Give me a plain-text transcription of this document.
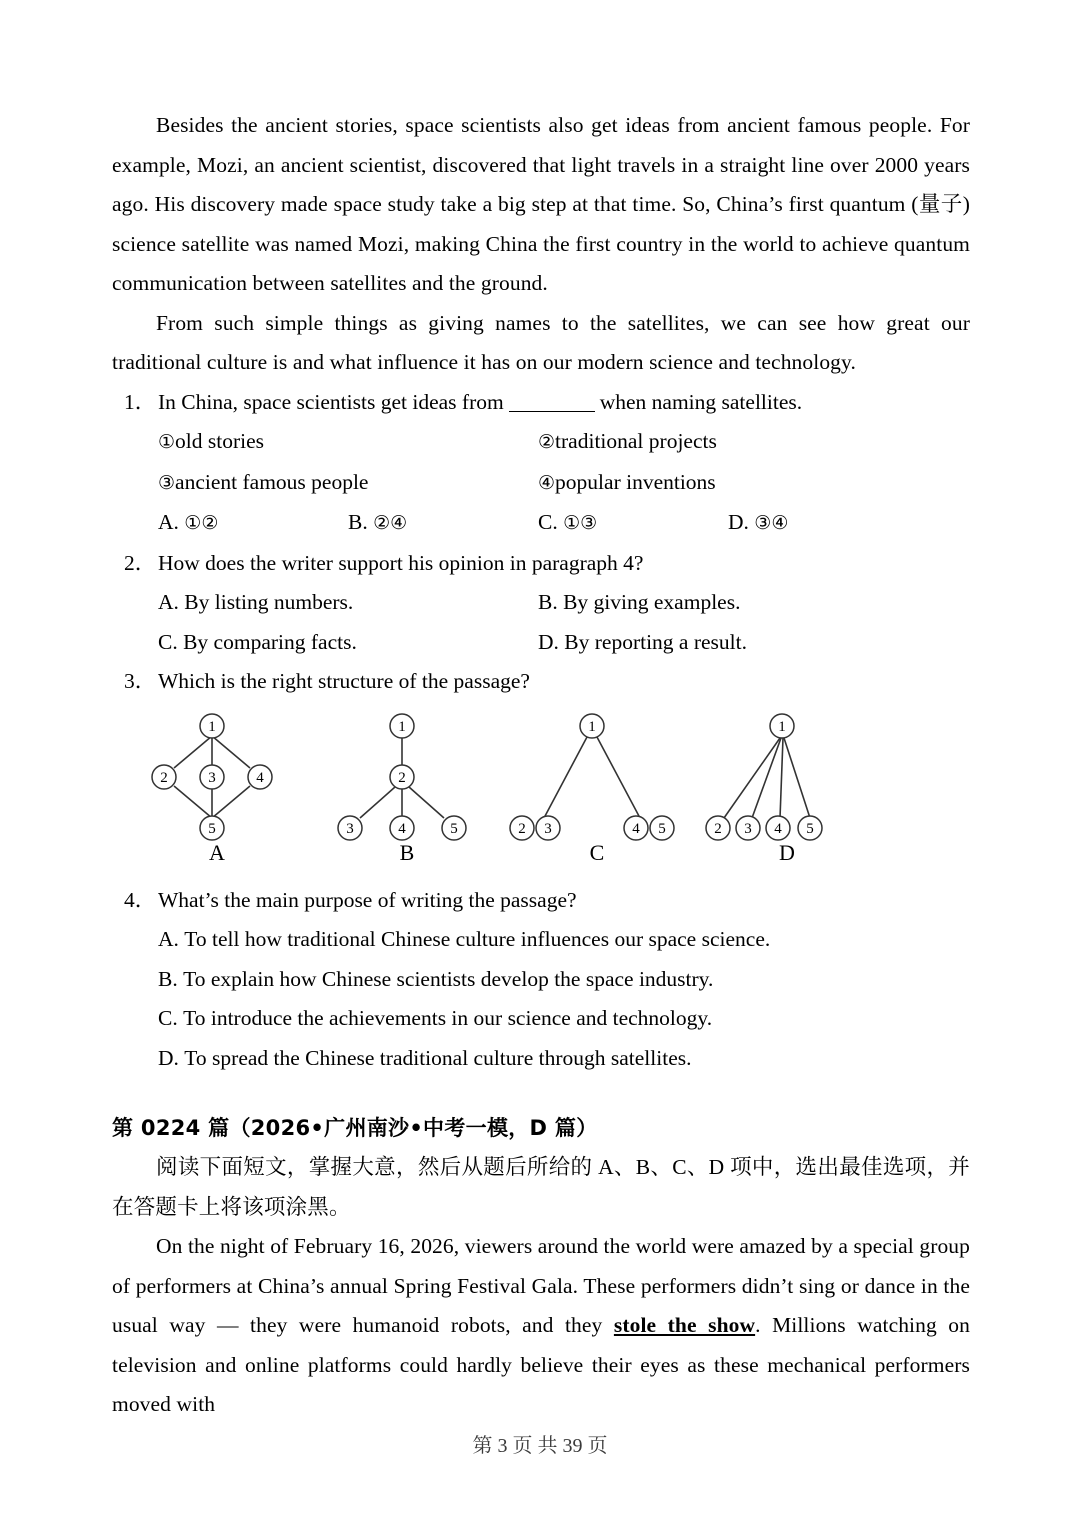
Besides the ancient stories, space scientists also get ideas from ancient famous people. For example, Mozi, an ancient scientist, discovered that light travels in a straight line over 2000 years ago. His discovery made space study take a big step at that time. So, China’s first quantum (量子) science satellite was named Mozi, making China the first country in the world to achieve quantum communication between satellites and the ground.

From such simple things as giving names to the satellites, we can see how great our traditional culture is and what influence it has on our modern science and technology.

1． In China, space scientists get ideas from	when naming satellites.
①old stories	②traditional projects
③ancient famous people	④popular inventions
A. ①②	B. ②④	C. ①③	D. ③④
2． How does the writer support his opinion in paragraph 4?
A. By listing numbers.	B. By giving examples.
C. By comparing facts.	D. By reporting a result.
3． Which is the right structure of the passage?
1
2	3	4
5
A
1
2
3	4	5
B
1
2 3	4 5
C
1
2 3 4 5
D
4． What’s the main purpose of writing the passage?
A. To tell how traditional Chinese culture influences our space science.
B. To explain how Chinese scientists develop the space industry.
C. To introduce the achievements in our science and technology.
D. To spread the Chinese traditional culture through satellites.
第 0224 篇（2026•广州南沙•中考一模，D 篇）

阅读下面短文，掌握大意，然后从题后所给的 A、B、C、D 项中，选出最佳选项，并在答题卡上将该项涂黑。

On the night of February 16, 2026, viewers around the world were amazed by a special group of performers at China’s annual Spring Festival Gala. These performers didn’t sing or dance in the usual way — they were humanoid robots, and they stole the show. Millions watching on television and online platforms could hardly believe their eyes as these mechanical performers moved with

第 3 页 共 39 页
